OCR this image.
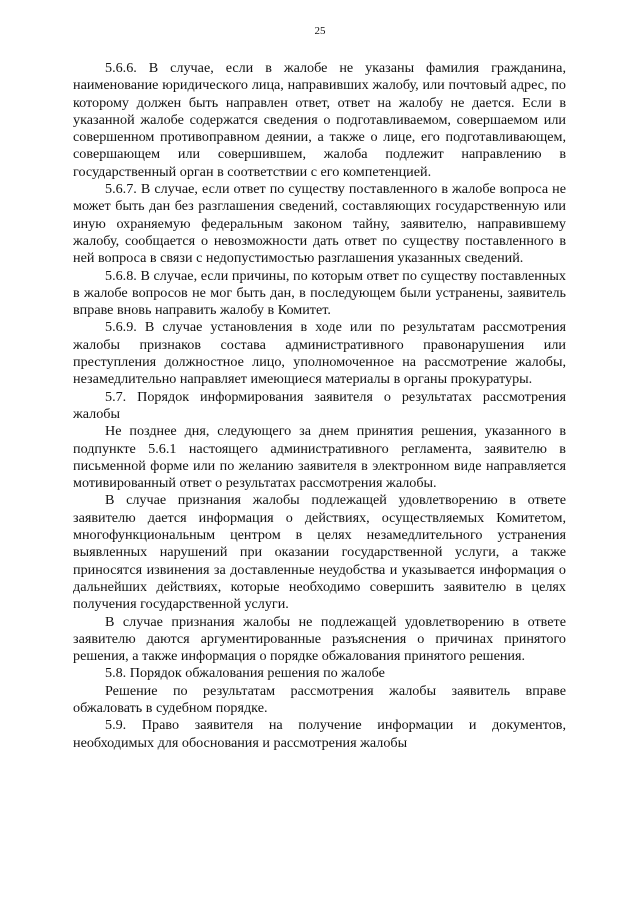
25

5.6.6. В случае, если в жалобе не указаны фамилия гражданина, наименование юридического лица, направивших жалобу, или почтовый адрес, по которому должен быть направлен ответ, ответ на жалобу не дается. Если в указанной жалобе содержатся сведения о подготавливаемом, совершаемом или совершенном противоправном деянии, а также о лице, его подготавливающем, совершающем или совершившем, жалоба подлежит направлению в государственный орган в соответствии с его компетенцией.

5.6.7. В случае, если ответ по существу поставленного в жалобе вопроса не может быть дан без разглашения сведений, составляющих государственную или иную охраняемую федеральным законом тайну, заявителю, направившему жалобу, сообщается о невозможности дать ответ по существу поставленного в ней вопроса в связи с недопустимостью разглашения указанных сведений.

5.6.8. В случае, если причины, по которым ответ по существу поставленных в жалобе вопросов не мог быть дан, в последующем были устранены, заявитель вправе вновь направить жалобу в Комитет.

5.6.9. В случае установления в ходе или по результатам рассмотрения жалобы признаков состава административного правонарушения или преступления должностное лицо, уполномоченное на рассмотрение жалобы, незамедлительно направляет имеющиеся материалы в органы прокуратуры.

5.7. Порядок информирования заявителя о результатах рассмотрения жалобы

Не позднее дня, следующего за днем принятия решения, указанного в подпункте 5.6.1 настоящего административного регламента, заявителю в письменной форме или по желанию заявителя в электронном виде направляется мотивированный ответ о результатах рассмотрения жалобы.

В случае признания жалобы подлежащей удовлетворению в ответе заявителю дается информация о действиях, осуществляемых Комитетом, многофункциональным центром в целях незамедлительного устранения выявленных нарушений при оказании государственной услуги, а также приносятся извинения за доставленные неудобства и указывается информация о дальнейших действиях, которые необходимо совершить заявителю в целях получения государственной услуги.

В случае признания жалобы не подлежащей удовлетворению в ответе заявителю даются аргументированные разъяснения о причинах принятого решения, а также информация о порядке обжалования принятого решения.

5.8. Порядок обжалования решения по жалобе

Решение по результатам рассмотрения жалобы заявитель вправе обжаловать в судебном порядке.

5.9. Право заявителя на получение информации и документов, необходимых для обоснования и рассмотрения жалобы
